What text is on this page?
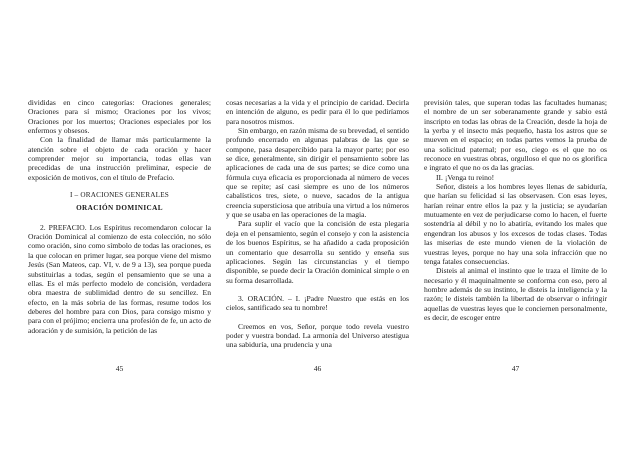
divididas en cinco categorías: Oraciones generales; Oraciones para sí mismo; Oraciones por los vivos; Oraciones por los muertos; Oraciones especiales por los enfermos y obsesos.

Con la finalidad de llamar más particularmente la atención sobre el objeto de cada oración y hacer comprender mejor su importancia, todas ellas van precedidas de una instrucción preliminar, especie de exposición de motivos, con el título de Prefacio.

I – ORACIONES GENERALES

ORACIÓN DOMINICAL

2. PREFACIO. Los Espíritus recomendaron colocar la Oración Dominical al comienzo de esta colección, no sólo como oración, sino como símbolo de todas las oraciones, es la que colocan en primer lugar, sea porque viene del mismo Jesús (San Mateos, cap. VI, v. de 9 a 13), sea porque pueda substituirlas a todas, según el pensamiento que se una a ellas. Es el más perfecto modelo de concisión, verdadera obra maestra de sublimidad dentro de su sencillez. En efecto, en la más sobria de las formas, resume todos los deberes del hombre para con Dios, para consigo mismo y para con el prójimo; encierra una profesión de fe, un acto de adoración y de sumisión, la petición de las

cosas necesarias a la vida y el principio de caridad. Decirla en intención de alguno, es pedir para él lo que pediríamos para nosotros mismos.

Sin embargo, en razón misma de su brevedad, el sentido profundo encerrado en algunas palabras de las que se compone, pasa desapercibido para la mayor parte; por eso se dice, generalmente, sin dirigir el pensamiento sobre las aplicaciones de cada una de sus partes; se dice como una fórmula cuya eficacia es proporcionada al número de veces que se repite; así casi siempre es uno de los números cabalísticos tres, siete, o nueve, sacados de la antigua creencia supersticiosa que atribuía una virtud a los números y que se usaba en las operaciones de la magia.

Para suplir el vacío que la concisión de esta plegaria deja en el pensamiento, según el consejo y con la asistencia de los buenos Espíritus, se ha añadido a cada proposición un comentario que desarrolla su sentido y enseña sus aplicaciones. Según las circunstancias y el tiempo disponible, se puede decir la Oración dominical simple o en su forma desarrollada.

3. ORACIÓN. – I. ¡Padre Nuestro que estás en los cielos, santificado sea tu nombre!

Creemos en vos, Señor, porque todo revela vuestro poder y vuestra bondad. La armonía del Universo atestigua una sabiduría, una prudencia y una

previsión tales, que superan todas las facultades humanas; el nombre de un ser soberanamente grande y sabio está inscripto en todas las obras de la Creación, desde la hoja de la yerba y el insecto más pequeño, hasta los astros que se mueven en el espacio; en todas partes vemos la prueba de una solicitud paternal; por eso, ciego es el que no os reconoce en vuestras obras, orgulloso el que no os glorifica e ingrato el que no os da las gracias.

II. ¡Venga tu reino!

Señor, disteis a los hombres leyes llenas de sabiduría, que harían su felicidad si las observasen. Con esas leyes, harían reinar entre ellos la paz y la justicia; se ayudarían mutuamente en vez de perjudicarse como lo hacen, el fuerte sostendría al débil y no lo abatiría, evitando los males que engendran los abusos y los excesos de todas clases. Todas las miserias de este mundo vienen de la violación de vuestras leyes, porque no hay una sola infracción que no tenga fatales consecuencias.

Disteis al animal el instinto que le traza el límite de lo necesario y él maquinalmente se conforma con eso, pero al hombre además de su instinto, le disteis la inteligencia y la razón; le disteis también la libertad de observar o infringir aquellas de vuestras leyes que le conciernen personalmente, es decir, de escoger entre

45	46	47
